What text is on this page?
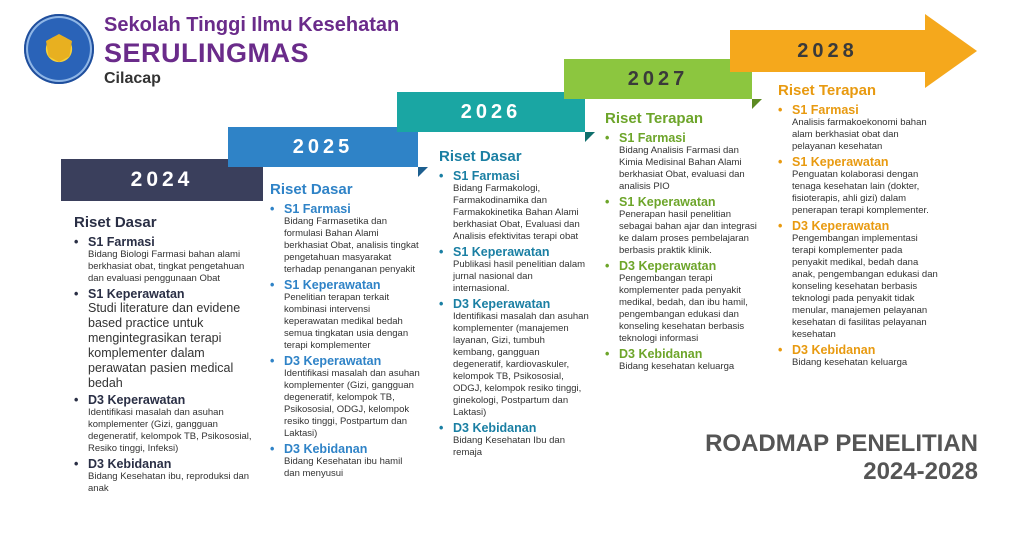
Sekolah Tinggi Ilmu Kesehatan
SERULINGMAS
Cilacap
2024
2025
2026
2027
2028
Riset Dasar
• S1 Farmasi
Bidang Biologi Farmasi bahan alami berkhasiat obat, tingkat pengetahuan dan evaluasi penggunaan Obat
• S1 Keperawatan
Studi literature dan evidene based practice untuk mengintegrasikan terapi komplementer dalam perawatan pasien medical bedah
• D3 Keperawatan
Identifikasi masalah dan asuhan komplementer (Gizi, gangguan degeneratif, kelompok TB, Psikososial, Resiko tinggi, Infeksi)
• D3 Kebidanan
Bidang Kesehatan ibu, reproduksi dan anak
Riset Dasar
• S1 Farmasi
Bidang Farmasetika dan formulasi Bahan Alami berkhasiat Obat, analisis tingkat pengetahuan masyarakat terhadap penanganan penyakit
• S1 Keperawatan
Penelitian terapan terkait kombinasi intervensi keperawatan medikal bedah semua tingkatan usia dengan terapi komplementer
• D3 Keperawatan
Identifikasi masalah dan asuhan komplementer (Gizi, gangguan degeneratif, kelompok TB, Psikososial, ODGJ, kelompok resiko tinggi, Postpartum dan Laktasi)
• D3 Kebidanan
Bidang Kesehatan ibu hamil dan menyusui
Riset Dasar
• S1 Farmasi
Bidang Farmakologi, Farmakodinamika dan Farmakokinetika Bahan Alami berkhasiat Obat, Evaluasi dan Analisis efektivitas terapi obat
• S1 Keperawatan
Publikasi hasil penelitian dalam jurnal nasional dan internasional.
• D3 Keperawatan
Identifikasi masalah dan asuhan komplementer (manajemen layanan, Gizi, tumbuh kembang, gangguan degeneratif, kardiovaskuler, kelompok TB, Psikososial, ODGJ, kelompok resiko tinggi, ginekologi, Postpartum dan Laktasi)
• D3 Kebidanan
Bidang Kesehatan Ibu dan remaja
Riset Terapan
• S1 Farmasi
Bidang Analisis Farmasi dan Kimia Medisinal Bahan Alami berkhasiat Obat, evaluasi dan analisis PIO
• S1 Keperawatan
Penerapan hasil penelitian sebagai bahan ajar dan integrasi ke dalam proses pembelajaran berbasis praktik klinik.
• D3 Keperawatan
Pengembangan terapi komplementer pada penyakit medikal, bedah, dan ibu hamil, pengembangan edukasi dan konseling kesehatan berbasis teknologi informasi
• D3 Kebidanan
Bidang kesehatan keluarga
Riset Terapan
• S1 Farmasi
Analisis farmakoekonomi bahan alam berkhasiat obat dan pelayanan kesehatan
• S1 Keperawatan
Penguatan kolaborasi dengan tenaga kesehatan lain (dokter, fisioterapis, ahli gizi) dalam penerapan terapi komplementer.
• D3 Keperawatan
Pengembangan implementasi terapi komplementer pada penyakit medikal, bedah dana anak, pengembangan edukasi dan konseling kesehatan berbasis teknologi pada penyakit tidak menular, manajemen pelayanan kesehatan di fasilitas pelayanan kesehatan
• D3 Kebidanan
Bidang kesehatan keluarga
ROADMAP PENELITIAN
2024-2028
